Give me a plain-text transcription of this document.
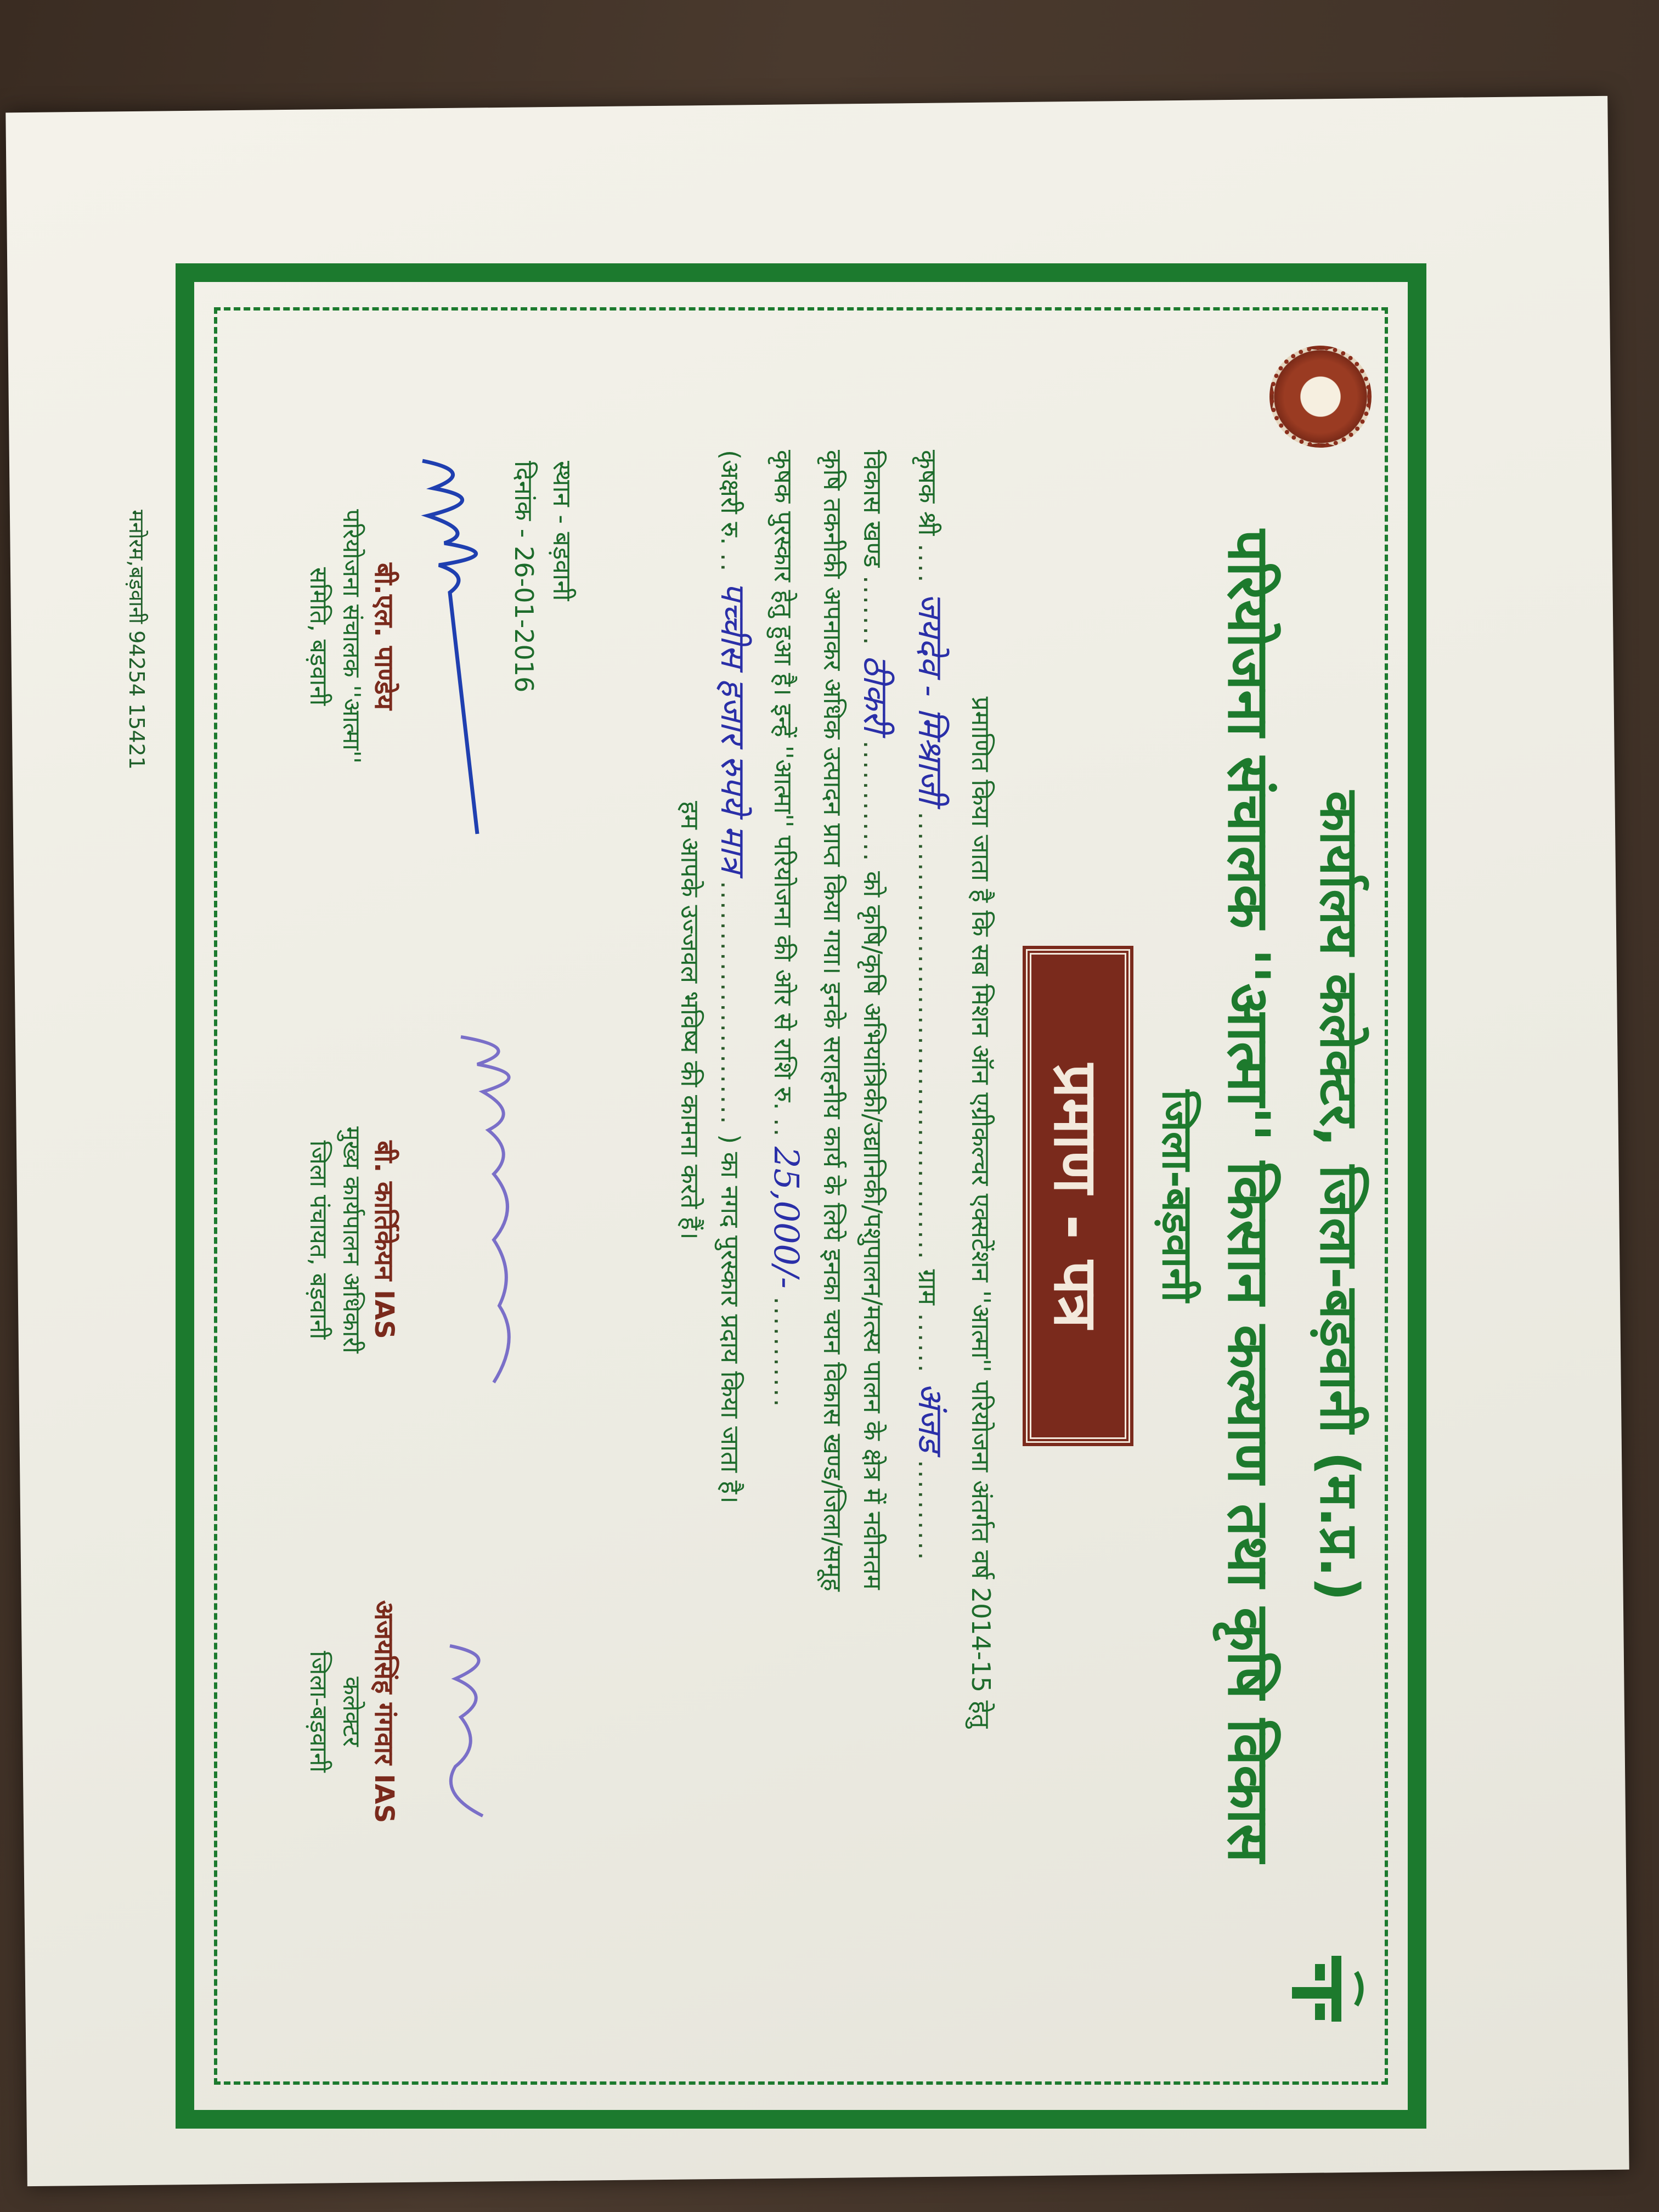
मनोरम,बड़वानी 94254 15421
कार्यालय कलेक्टर, जिला-बड़वानी (म.प्र.)
परियोजना संचालक ''आत्मा'' किसान कल्याण तथा कृषि विकास
जिला-बड़वानी
प्रमाण - पत्र
प्रमाणित किया जाता है कि सब मिशन ऑन एग्रीकल्चर एक्सटेंशन ''आत्मा'' परियोजना अंतर्गत वर्ष 2014-15 हेतु
कृषक श्री .... जयदेव - मिश्राजी ............................................ ग्राम ...... अंजड ..........
विकास खण्ड ....... ठीकरी ............ को कृषि/कृषि अभियांत्रिकी/उद्यानिकी/पशुपालन/मत्स्य पालन के क्षेत्र में नवीनतम
कृषि तकनीकी अपनाकर अधिक उत्पादन प्राप्त किया गया। इनके सराहनीय कार्य के लिये इनका चयन विकास खण्ड/जिला/समूह
कृषक पुरस्कार हेतु हुआ है। इन्हें ''आत्मा'' परियोजना की ओर से राशि रु. .. 25,000/- ...........
(अक्षरी रु. .. पच्चीस हजार रुपये मात्र ........................ ) का नगद पुरस्कार प्रदाय किया जाता है।
हम आपके उज्जवल भविष्य की कामना करते हैं।
स्थान - बड़वानी
दिनांक - 26-01-2016
बी.एल. पाण्डेय
परियोजना संचालक ''आत्मा''
समिति, बड़वानी
बी. कार्तिकेयन IAS
मुख्य कार्यपालन अधिकारी
जिला पंचायत, बड़वानी
अजयसिंह गंगवार IAS
कलेक्टर
जिला-बड़वानी
